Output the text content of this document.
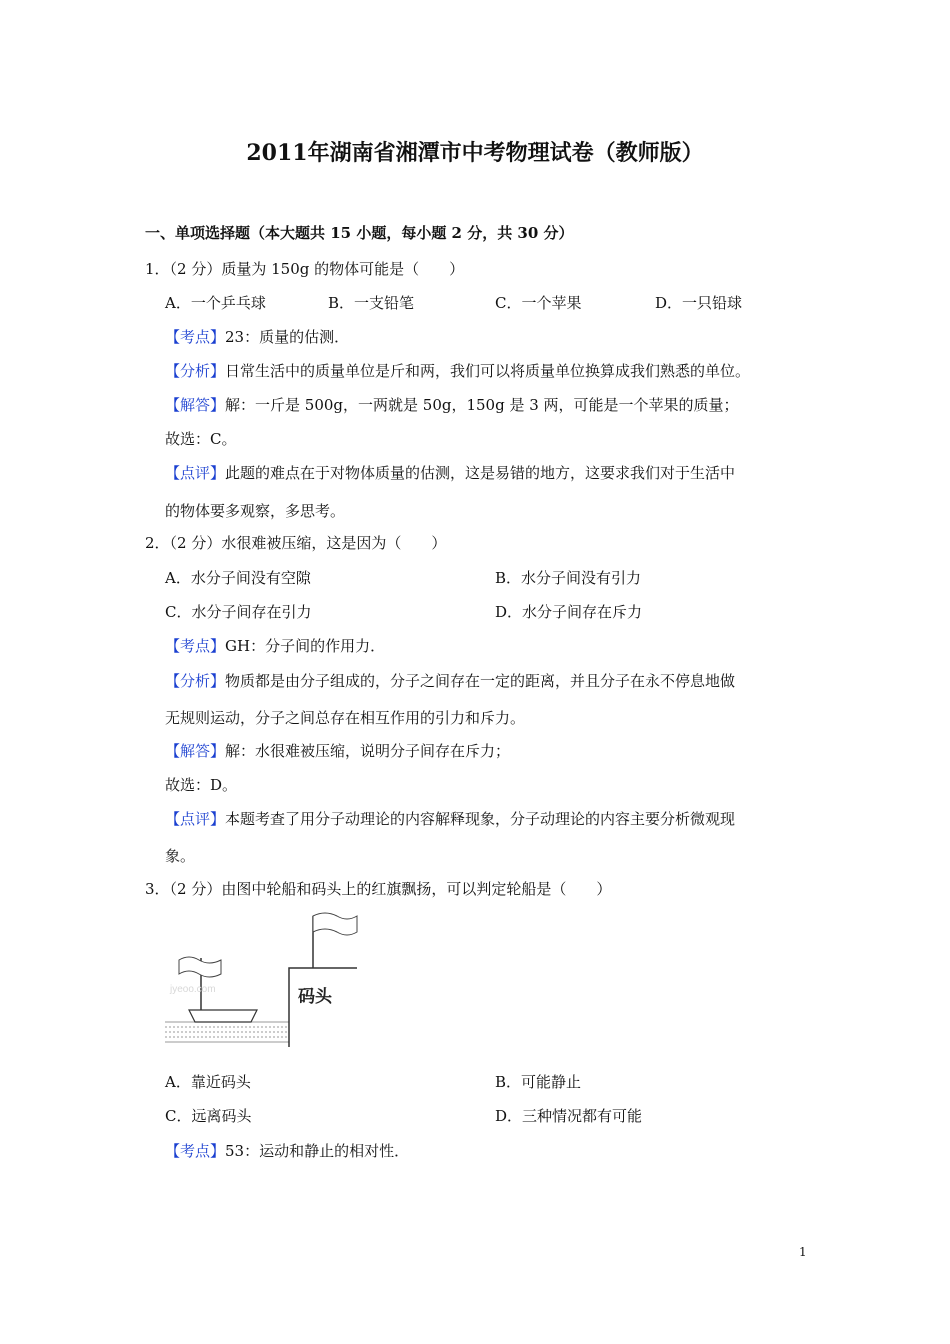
2011年湖南省湘潭市中考物理试卷（教师版）
一、单项选择题（本大题共 15 小题，每小题 2 分，共 30 分）
1．（2 分）质量为 150g 的物体可能是（　　）
A．一个乒乓球	B．一支铅笔	C．一个苹果	D．一只铅球
【考点】23：质量的估测．
【分析】日常生活中的质量单位是斤和两，我们可以将质量单位换算成我们熟悉的单位。
【解答】解：一斤是 500g，一两就是 50g，150g 是 3 两，可能是一个苹果的质量；
故选：C。
【点评】此题的难点在于对物体质量的估测，这是易错的地方，这要求我们对于生活中
的物体要多观察，多思考。
2．（2 分）水很难被压缩，这是因为（　　）
A．水分子间没有空隙	B．水分子间没有引力
C．水分子间存在引力	D．水分子间存在斥力
【考点】GH：分子间的作用力．
【分析】物质都是由分子组成的，分子之间存在一定的距离，并且分子在永不停息地做
无规则运动，分子之间总存在相互作用的引力和斥力。
【解答】解：水很难被压缩，说明分子间存在斥力；
故选：D。
【点评】本题考查了用分子动理论的内容解释现象，分子动理论的内容主要分析微观现
象。
3．（2 分）由图中轮船和码头上的红旗飘扬，可以判定轮船是（　　）
jyeoo.com	码头
A．靠近码头	B．可能静止
C．远离码头	D．三种情况都有可能
【考点】53：运动和静止的相对性．
1
